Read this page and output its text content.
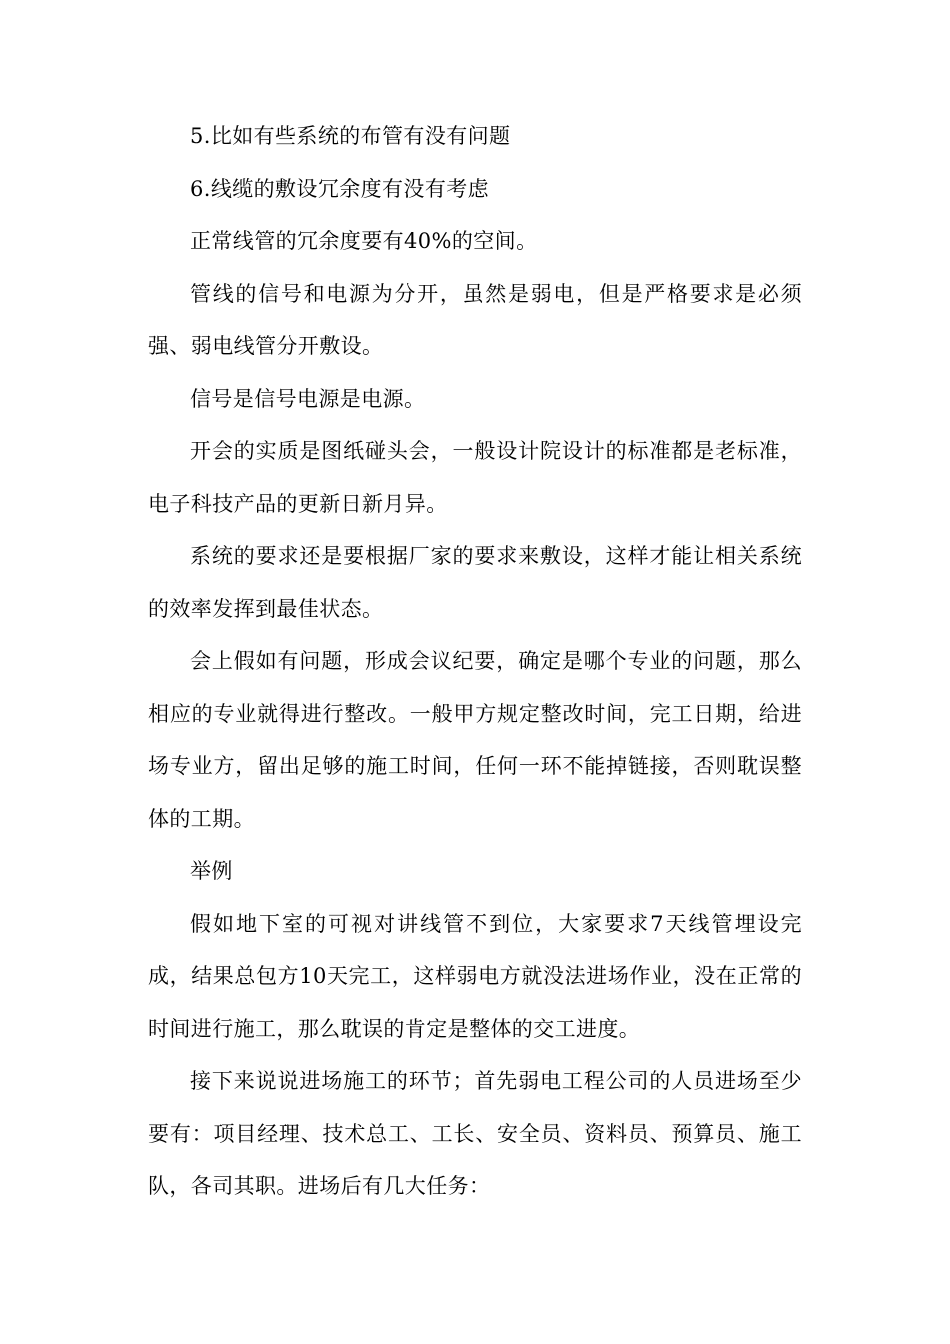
5.比如有些系统的布管有没有问题

6.线缆的敷设冗余度有没有考虑

正常线管的冗余度要有40%的空间。

管线的信号和电源为分开，虽然是弱电，但是严格要求是必须强、弱电线管分开敷设。

信号是信号电源是电源。

开会的实质是图纸碰头会，一般设计院设计的标准都是老标准，电子科技产品的更新日新月异。

系统的要求还是要根据厂家的要求来敷设，这样才能让相关系统的效率发挥到最佳状态。

会上假如有问题，形成会议纪要，确定是哪个专业的问题，那么相应的专业就得进行整改。一般甲方规定整改时间，完工日期，给进场专业方，留出足够的施工时间，任何一环不能掉链接，否则耽误整体的工期。

举例

假如地下室的可视对讲线管不到位，大家要求7天线管埋设完成，结果总包方10天完工，这样弱电方就没法进场作业，没在正常的时间进行施工，那么耽误的肯定是整体的交工进度。

接下来说说进场施工的环节；首先弱电工程公司的人员进场至少要有：项目经理、技术总工、工长、安全员、资料员、预算员、施工队，各司其职。进场后有几大任务：
